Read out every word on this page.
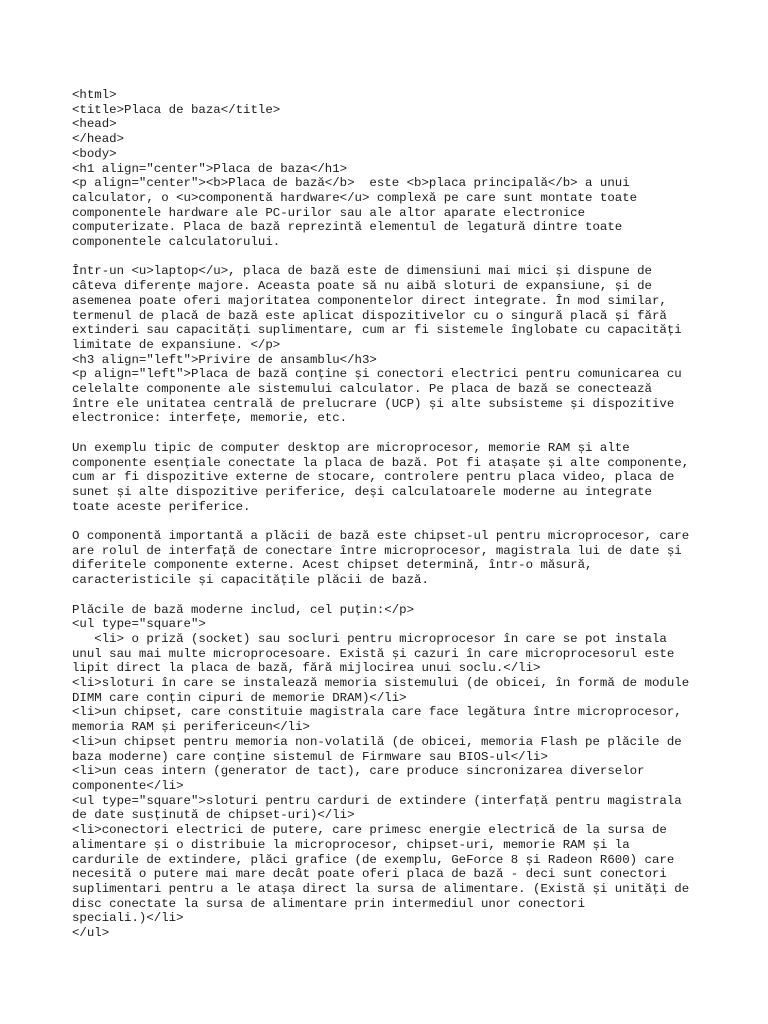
<html>
<title>Placa de baza</title>
<head>
</head>
<body>
<h1 align="center">Placa de baza</h1>
<p align="center"><b>Placa de bază</b>  este <b>placa principală</b> a unui
calculator, o <u>componentă hardware</u> complexă pe care sunt montate toate
componentele hardware ale PC-urilor sau ale altor aparate electronice
computerizate. Placa de bază reprezintă elementul de legatură dintre toate
componentele calculatorului.
Într-un <u>laptop</u>, placa de bază este de dimensiuni mai mici și dispune de
câteva diferențe majore. Aceasta poate să nu aibă sloturi de expansiune, și de
asemenea poate oferi majoritatea componentelor direct integrate. În mod similar,
termenul de placă de bază este aplicat dispozitivelor cu o singură placă și fără
extinderi sau capacități suplimentare, cum ar fi sistemele înglobate cu capacități
limitate de expansiune. </p>
<h3 align="left">Privire de ansamblu</h3>
<p align="left">Placa de bază conține și conectori electrici pentru comunicarea cu
celelalte componente ale sistemului calculator. Pe placa de bază se conectează
între ele unitatea centrală de prelucrare (UCP) și alte subsisteme și dispozitive
electronice: interfețe, memorie, etc.
Un exemplu tipic de computer desktop are microprocesor, memorie RAM și alte
componente esențiale conectate la placa de bază. Pot fi atașate și alte componente,
cum ar fi dispozitive externe de stocare, controlere pentru placa video, placa de
sunet și alte dispozitive periferice, deși calculatoarele moderne au integrate
toate aceste periferice.
O componentă importantă a plăcii de bază este chipset-ul pentru microprocesor, care
are rolul de interfață de conectare între microprocesor, magistrala lui de date și
diferitele componente externe. Acest chipset determină, într-o măsură,
caracteristicile și capacitățile plăcii de bază.
Plăcile de bază moderne includ, cel puțin:</p>
<ul type="square">
<li> o priză (socket) sau socluri pentru microprocesor în care se pot instala
unul sau mai multe microprocesoare. Există și cazuri în care microprocesorul este
lipit direct la placa de bază, fără mijlocirea unui soclu.</li>
<li>sloturi în care se instalează memoria sistemului (de obicei, în formă de module
DIMM care conțin cipuri de memorie DRAM)</li>
<li>un chipset, care constituie magistrala care face legătura între microprocesor,
memoria RAM și perifericeun</li>
<li>un chipset pentru memoria non-volatilă (de obicei, memoria Flash pe plăcile de
baza moderne) care conține sistemul de Firmware sau BIOS-ul</li>
<li>un ceas intern (generator de tact), care produce sincronizarea diverselor
componente</li>
<ul type="square">sloturi pentru carduri de extindere (interfață pentru magistrala
de date susținută de chipset-uri)</li>
<li>conectori electrici de putere, care primesc energie electrică de la sursa de
alimentare și o distribuie la microprocesor, chipset-uri, memorie RAM și la
cardurile de extindere, plăci grafice (de exemplu, GeForce 8 și Radeon R600) care
necesită o putere mai mare decât poate oferi placa de bază - deci sunt conectori
suplimentari pentru a le atașa direct la sursa de alimentare. (Există și unități de
disc conectate la sursa de alimentare prin intermediul unor conectori
speciali.)</li>
</ul>
